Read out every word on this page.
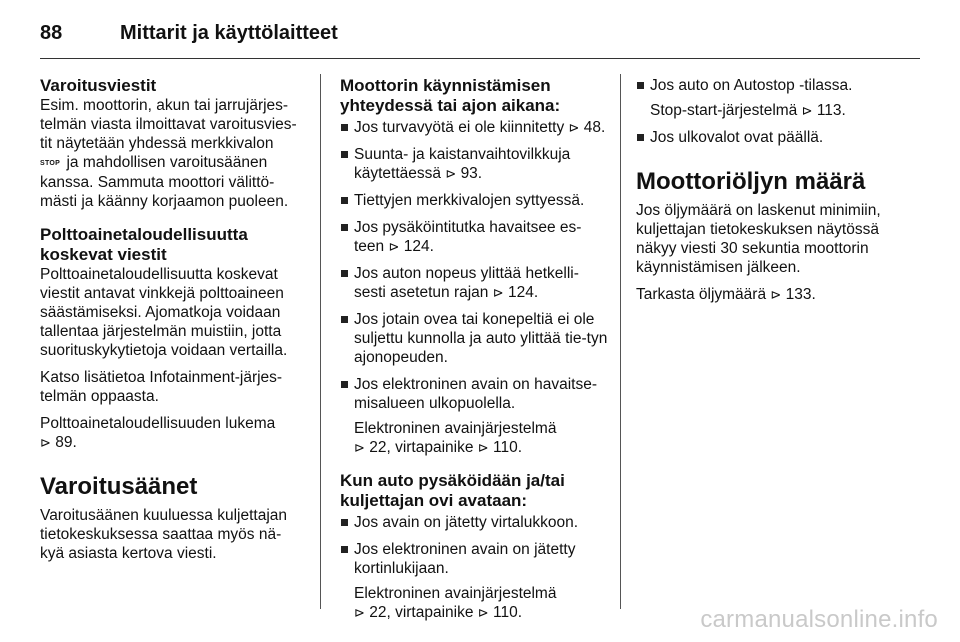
88	Mittarit ja käyttölaitteet
Varoitusviestit

Esim. moottorin, akun tai jarrujärjes-telmän viasta ilmoittavat varoitusvies-tit näytetään yhdessä merkkivalon
STOP ja mahdollisen varoitusäänen kanssa. Sammuta moottori välittö-mästi ja käänny korjaamon puoleen.

Polttoainetaloudellisuutta koskevat viestit

Polttoainetaloudellisuutta koskevat viestit antavat vinkkejä polttoaineen säästämiseksi. Ajomatkoja voidaan tallentaa järjestelmän muistiin, jotta suorituskykytietoja voidaan vertailla.

Katso lisätietoa Infotainment-järjes-telmän oppaasta.

Polttoainetaloudellisuuden lukema
⊳ 89.

Varoitusäänet

Varoitusäänen kuuluessa kuljettajan tietokeskuksessa saattaa myös nä-kyä asiasta kertova viesti.

Moottorin käynnistämisen yhteydessä tai ajon aikana:
Jos turvavyötä ei ole kiinnitetty ⊳ 48.
Suunta- ja kaistanvaihtovilkkuja käytettäessä ⊳ 93.
Tiettyjen merkkivalojen syttyessä.
Jos pysäköintitutka havaitsee es-teen ⊳ 124.
Jos auton nopeus ylittää hetkelli-sesti asetetun rajan ⊳ 124.
Jos jotain ovea tai konepeltiä ei ole suljettu kunnolla ja auto ylittää tie-tyn ajonopeuden.
Jos elektroninen avain on havaitse-misalueen ulkopuolella.
Elektroninen avainjärjestelmä
⊳ 22, virtapainike ⊳ 110.
Kun auto pysäköidään ja/tai kuljettajan ovi avataan:
Jos avain on jätetty virtalukkoon.
Jos elektroninen avain on jätetty kortinlukijaan.
Elektroninen avainjärjestelmä
⊳ 22, virtapainike ⊳ 110.
Jos auto on Autostop -tilassa.
Stop-start-järjestelmä ⊳ 113.
Jos ulkovalot ovat päällä.
Moottoriöljyn määrä

Jos öljymäärä on laskenut minimiin, kuljettajan tietokeskuksen näytössä näkyy viesti 30 sekuntia moottorin käynnistämisen jälkeen.

Tarkasta öljymäärä ⊳ 133.

carmanualsonline.info
